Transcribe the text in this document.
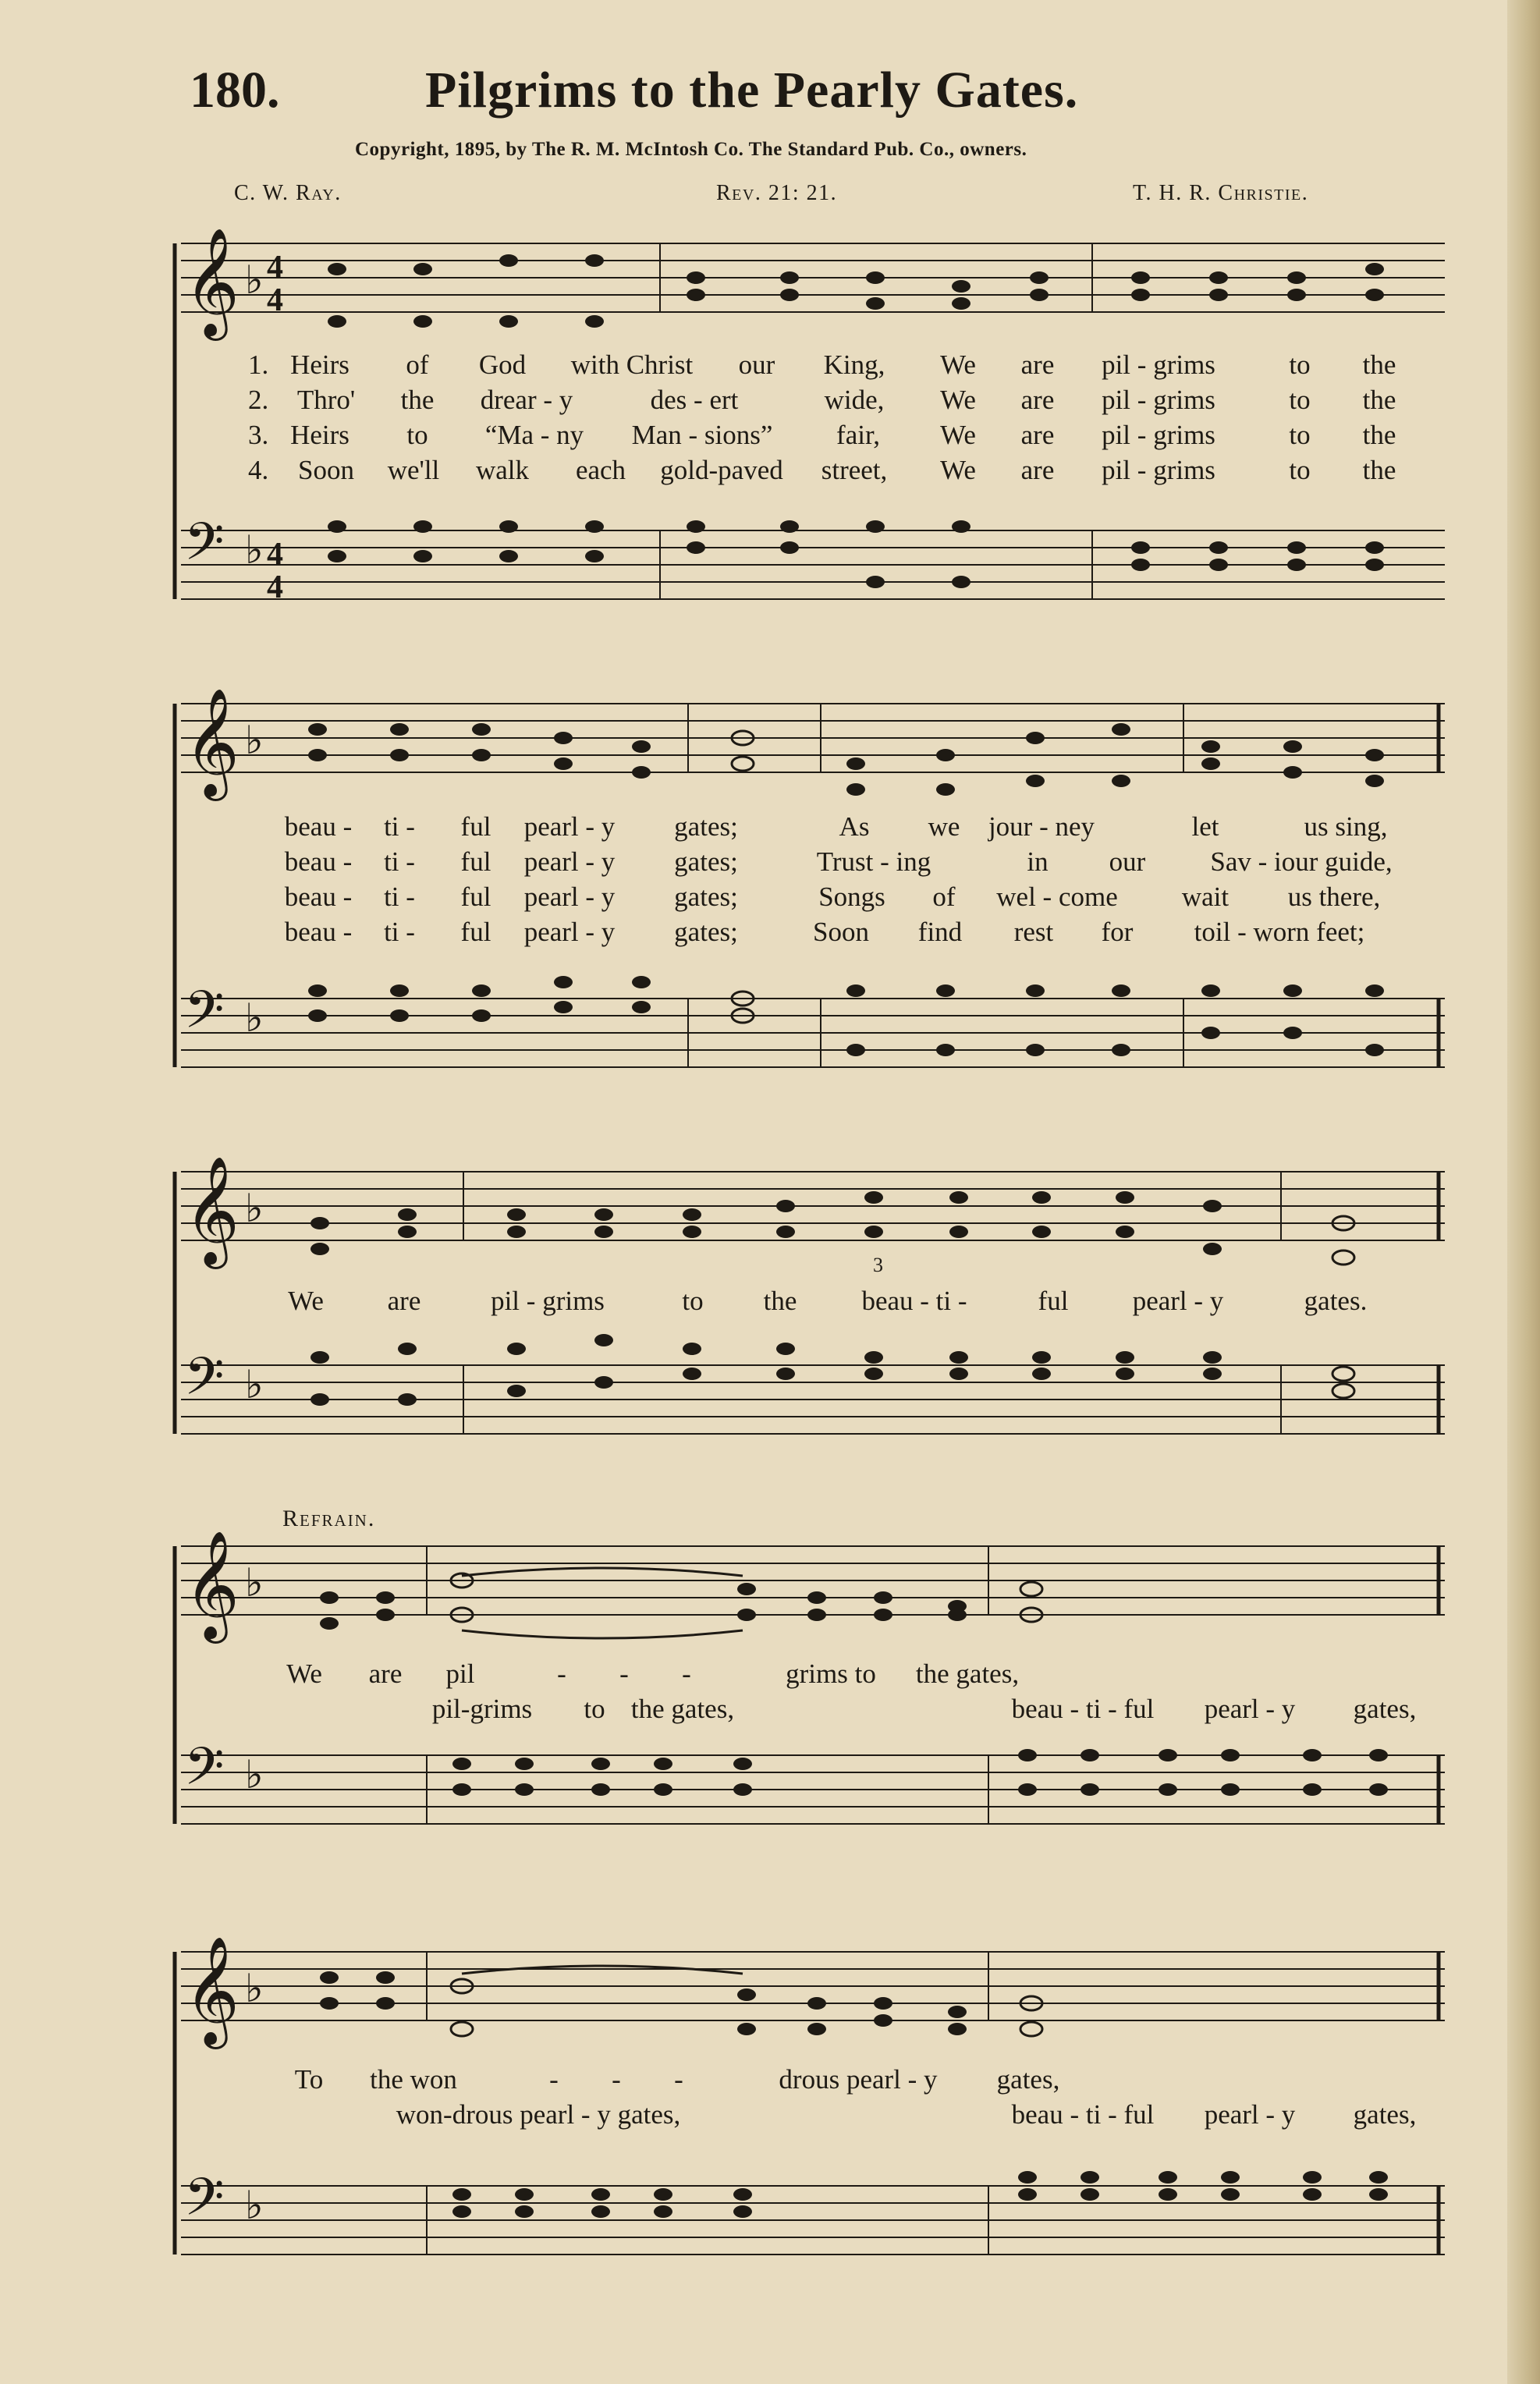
180.	Pilgrims to the Pearly Gates.
Copyright, 1895, by The R. M. McIntosh Co. The Standard Pub. Co., owners.
C. W. Ray.	Rev. 21: 21.	T. H. R. Christie.
𝄞 ♭ 4
4
𝄢 ♭ 4
4
1. Heirs of God with Christ our King, We are pil - grims	to the
2. Thro' the drear - y	des - ert	wide, We are pil - grims	to the
3. Heirs to “Ma - ny Man - sions” fair, We are pil - grims	to the
4. Soon we'll walk each gold-paved street, We are pil - grims	to the
𝄞 ♭
𝄢 ♭
beau - ti - ful pearl - y gates;	As we jour - ney	let	us sing,
beau - ti - ful pearl - y gates;	Trust - ing	in our Sav - iour guide,
beau - ti - ful pearl - y gates;	Songs of wel - come wait us there,
beau - ti - ful pearl - y gates;	Soon find rest for toil - worn feet;
𝄞 ♭
𝄢 ♭
3
We are	pil - grims	to the beau - ti -	ful pearl - y	gates.
Refrain.
𝄞 ♭
𝄢 ♭
We are pil	- - -	grims to the gates,
pil-grims to the gates,	beau - ti - ful pearl - y gates,
𝄞 ♭
𝄢 ♭
To the won	- - -	drous pearl - y gates,
won-drous pearl - y gates,	beau - ti - ful pearl - y gates,
